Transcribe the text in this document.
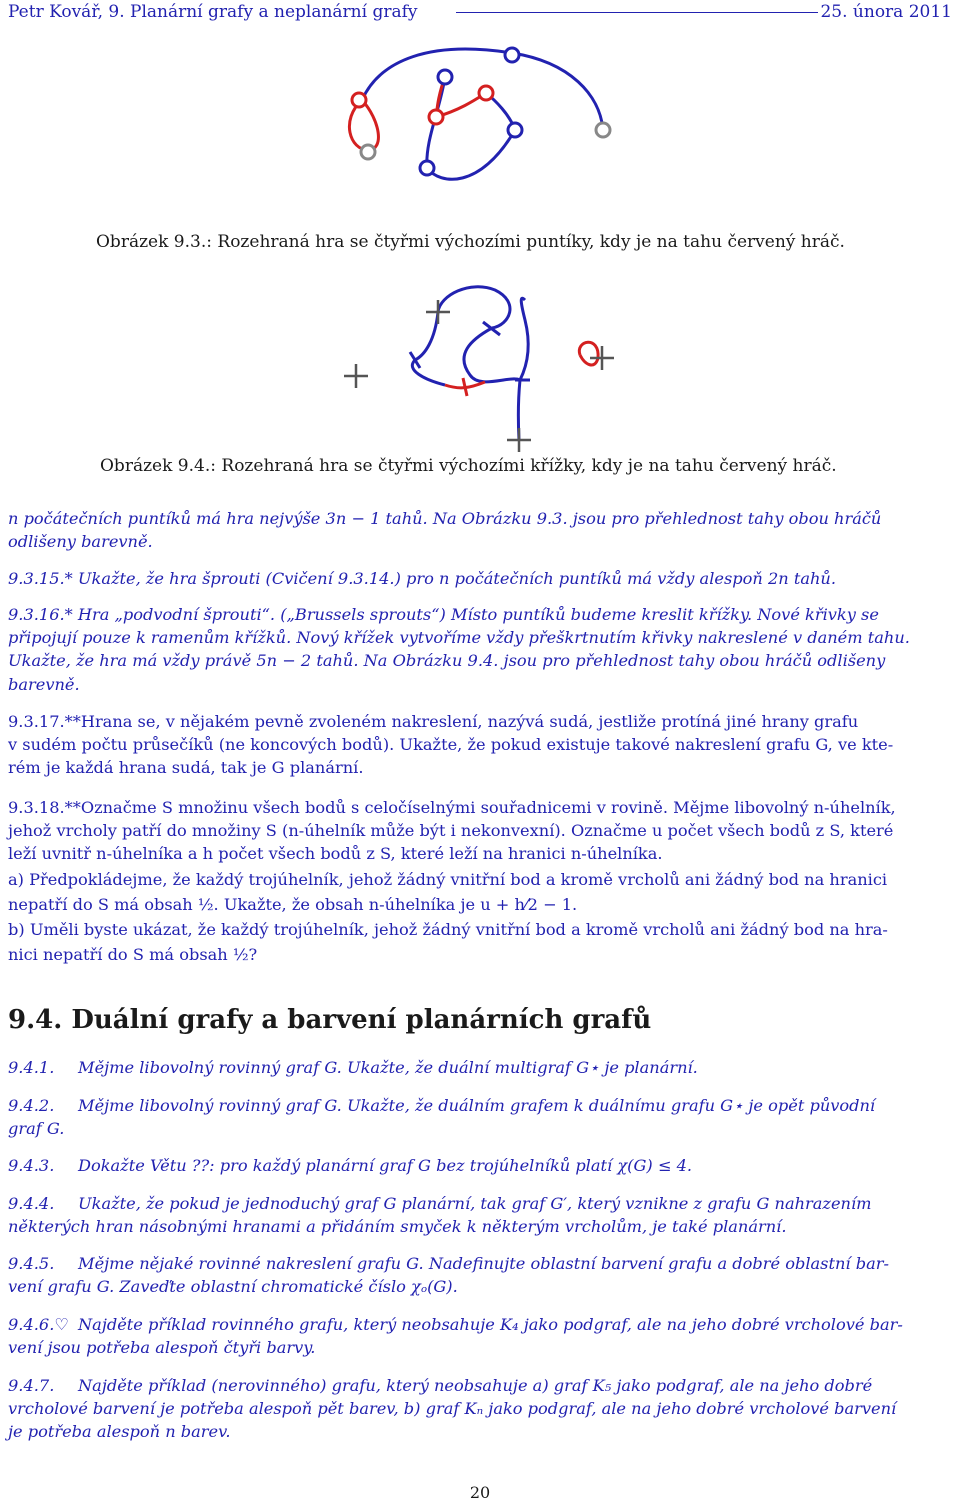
Petr Kovář, 9. Planární grafy a neplanární grafy	25. února 2011
Obrázek 9.3.: Rozehraná hra se čtyřmi výchozími puntíky, kdy je na tahu červený hráč.
Obrázek 9.4.: Rozehraná hra se čtyřmi výchozími křížky, kdy je na tahu červený hráč.
n počátečních puntíků má hra nejvýše 3n − 1 tahů. Na Obrázku 9.3. jsou pro přehlednost tahy obou hráčů
odlišeny barevně.
9.3.15.* Ukažte, že hra šprouti (Cvičení 9.3.14.) pro n počátečních puntíků má vždy alespoň 2n tahů.
9.3.16.* Hra „podvodní šprouti“. („Brussels sprouts“) Místo puntíků budeme kreslit křížky. Nové křivky se
připojují pouze k ramenům křížků. Nový křížek vytvoříme vždy přeškrtnutím křivky nakreslené v daném tahu.
Ukažte, že hra má vždy právě 5n − 2 tahů. Na Obrázku 9.4. jsou pro přehlednost tahy obou hráčů odlišeny
barevně.
9.3.17.**Hrana se, v nějakém pevně zvoleném nakreslení, nazývá sudá, jestliže protíná jiné hrany grafu
v sudém počtu průsečíků (ne koncových bodů). Ukažte, že pokud existuje takové nakreslení grafu G, ve kte-
rém je každá hrana sudá, tak je G planární.
9.3.18.**Označme S množinu všech bodů s celočíselnými souřadnicemi v rovině. Mějme libovolný n-úhelník,
jehož vrcholy patří do množiny S (n-úhelník může být i nekonvexní). Označme u počet všech bodů z S, které
leží uvnitř n-úhelníka a h počet všech bodů z S, které leží na hranici n-úhelníka.
a) Předpokládejme, že každý trojúhelník, jehož žádný vnitřní bod a kromě vrcholů ani žádný bod na hranici
nepatří do S má obsah ½. Ukažte, že obsah n-úhelníka je u + h⁄2 − 1.
b) Uměli byste ukázat, že každý trojúhelník, jehož žádný vnitřní bod a kromě vrcholů ani žádný bod na hra-
nici nepatří do S má obsah ½?
9.4. Duální grafy a barvení planárních grafů
9.4.1. Mějme libovolný rovinný graf G. Ukažte, že duální multigraf G⋆ je planární.
9.4.2. Mějme libovolný rovinný graf G. Ukažte, že duálním grafem k duálnímu grafu G⋆ je opět původní
graf G.
9.4.3. Dokažte Větu ??: pro každý planární graf G bez trojúhelníků platí χ(G) ≤ 4.
9.4.4. Ukažte, že pokud je jednoduchý graf G planární, tak graf G′, který vznikne z grafu G nahrazením
některých hran násobnými hranami a přidáním smyček k některým vrcholům, je také planární.
9.4.5. Mějme nějaké rovinné nakreslení grafu G. Nadefinujte oblastní barvení grafu a dobré oblastní bar-
vení grafu G. Zaveďte oblastní chromatické číslo χₒ(G).
9.4.6.♡ Najděte příklad rovinného grafu, který neobsahuje K₄ jako podgraf, ale na jeho dobré vrcholové bar-
vení jsou potřeba alespoň čtyři barvy.
9.4.7. Najděte příklad (nerovinného) grafu, který neobsahuje a) graf K₅ jako podgraf, ale na jeho dobré
vrcholové barvení je potřeba alespoň pět barev, b) graf Kₙ jako podgraf, ale na jeho dobré vrcholové barvení
je potřeba alespoň n barev.
20
